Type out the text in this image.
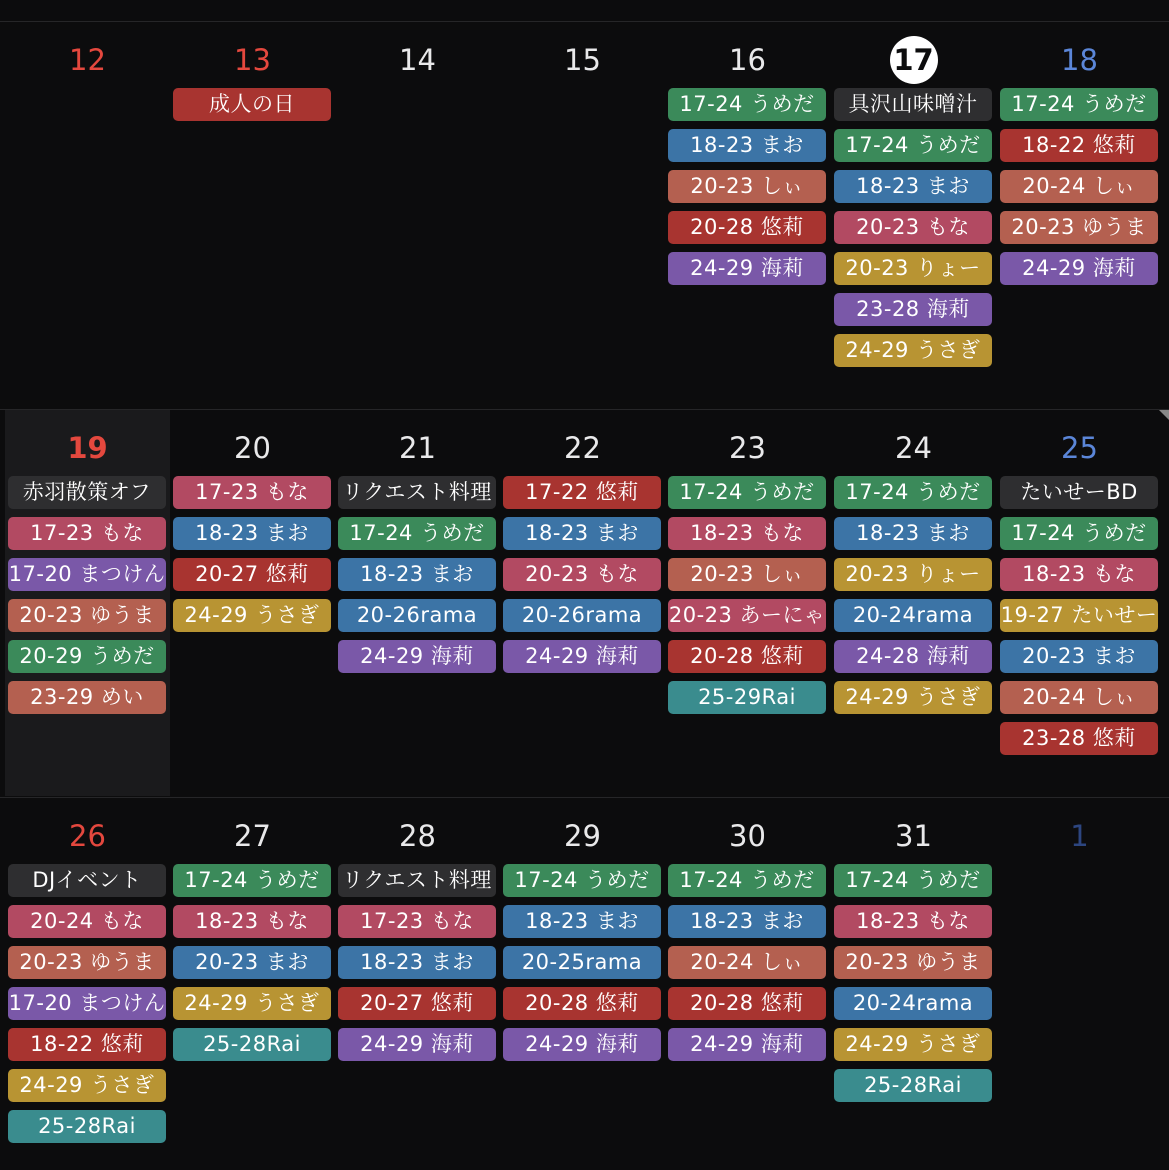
12	13
成人の日
14	15	16
17-24 うめだ
18-23 まお
20-23 しぃ
20-28 悠莉
24-29 海莉
17
具沢山味噌汁
17-24 うめだ
18-23 まお
20-23 もな
20-23 りょー
23-28 海莉
24-29 うさぎ
18
17-24 うめだ
18-22 悠莉
20-24 しぃ
20-23 ゆうま
24-29 海莉
19
赤羽散策オフ
17-23 もな
17-20 まつけん
20-23 ゆうま
20-29 うめだ
23-29 めい
20
17-23 もな
18-23 まお
20-27 悠莉
24-29 うさぎ
21
リクエスト料理
17-24 うめだ
18-23 まお
20-26rama
24-29 海莉
22
17-22 悠莉
18-23 まお
20-23 もな
20-26rama
24-29 海莉
23
17-24 うめだ
18-23 もな
20-23 しぃ
20-23 あーにゃ
20-28 悠莉
25-29Rai
24
17-24 うめだ
18-23 まお
20-23 りょー
20-24rama
24-28 海莉
24-29 うさぎ
25
たいせーBD
17-24 うめだ
18-23 もな
19-27 たいせー
20-23 まお
20-24 しぃ
23-28 悠莉
26
DJイベント
20-24 もな
20-23 ゆうま
17-20 まつけん
18-22 悠莉
24-29 うさぎ
25-28Rai
27
17-24 うめだ
18-23 もな
20-23 まお
24-29 うさぎ
25-28Rai
28
リクエスト料理
17-23 もな
18-23 まお
20-27 悠莉
24-29 海莉
29
17-24 うめだ
18-23 まお
20-25rama
20-28 悠莉
24-29 海莉
30
17-24 うめだ
18-23 まお
20-24 しぃ
20-28 悠莉
24-29 海莉
31
17-24 うめだ
18-23 もな
20-23 ゆうま
20-24rama
24-29 うさぎ
25-28Rai
1
